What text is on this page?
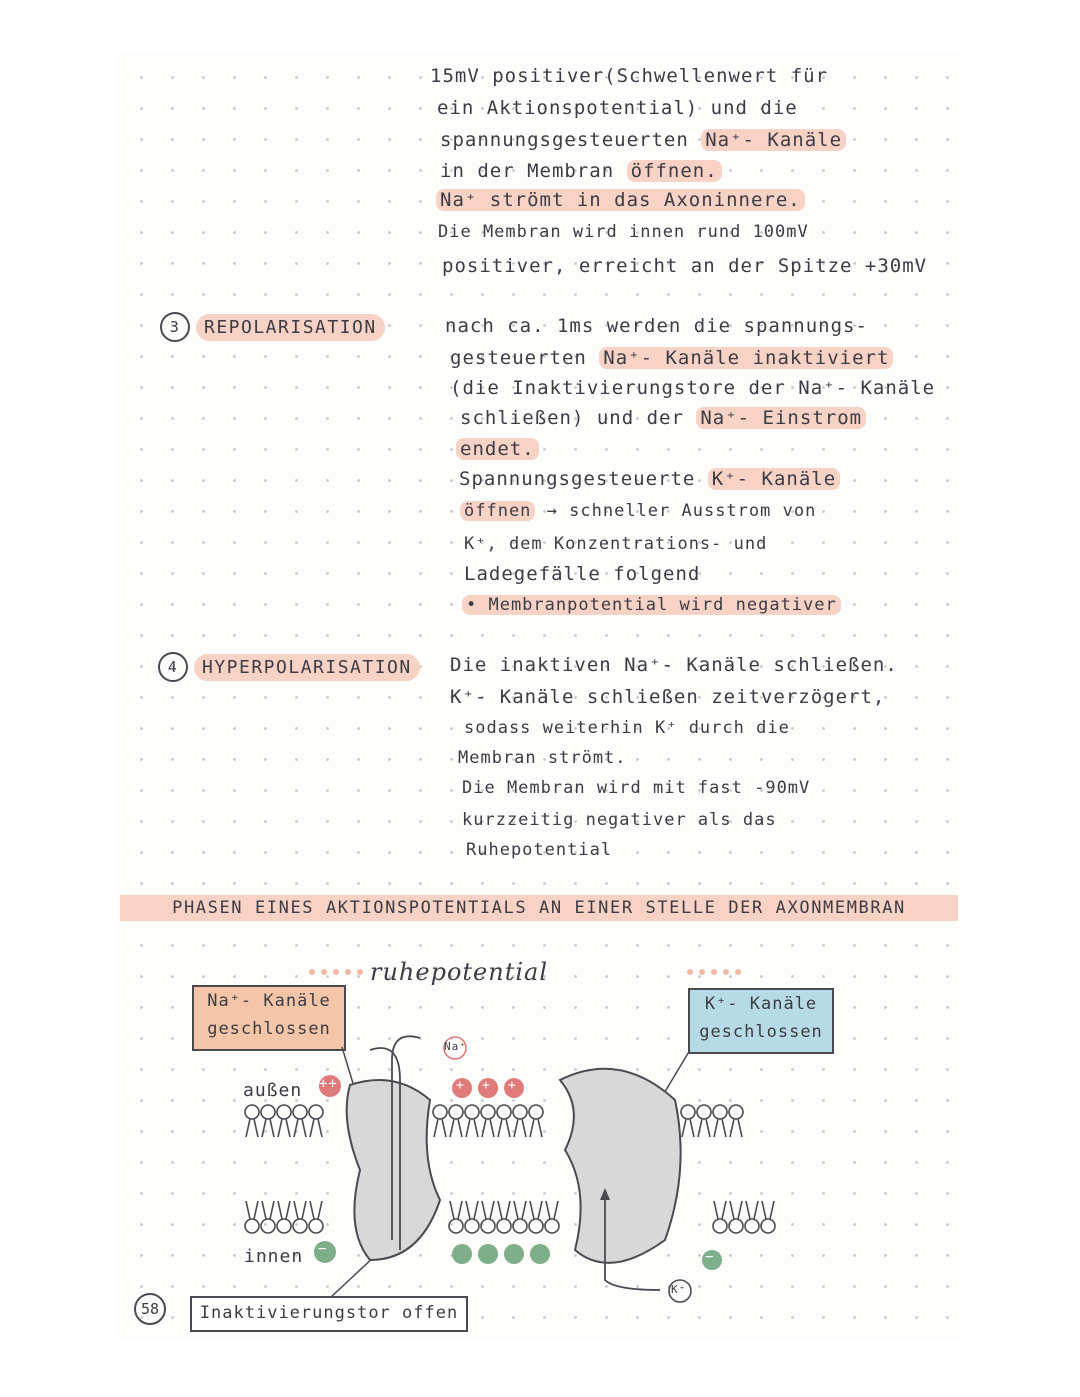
15mV positiver(Schwellenwert für
ein Aktionspotential) und die
spannungsgesteuerten Na⁺- Kanäle
in der Membran öffnen.
Na⁺ strömt in das Axoninnere.
Die Membran wird innen rund 100mV
positiver, erreicht an der Spitze +30mV
3	REPOLARISATION	nach ca. 1ms werden die spannungs-
gesteuerten Na⁺- Kanäle inaktiviert
(die Inaktivierungstore der Na⁺- Kanäle
schließen) und der Na⁺- Einstrom
endet.
Spannungsgesteuerte K⁺- Kanäle
öffnen → schneller Ausstrom von
K⁺, dem Konzentrations- und
Ladegefälle folgend
• Membranpotential wird negativer
4	HYPERPOLARISATION	Die inaktiven Na⁺- Kanäle schließen.
K⁺- Kanäle schließen zeitverzögert,
sodass weiterhin K⁺ durch die
Membran strömt.
Die Membran wird mit fast -90mV
kurzzeitig negativer als das
Ruhepotential
PHASEN EINES AKTIONSPOTENTIALS AN EINER STELLE DER AXONMEMBRAN
ruhepotential
Na⁺- Kanäle
geschlossen
K⁺- Kanäle
geschlossen
außen
innen
++	+ + +
−	−
Na⁺
K⁺
Inaktivierungstor offen
58
